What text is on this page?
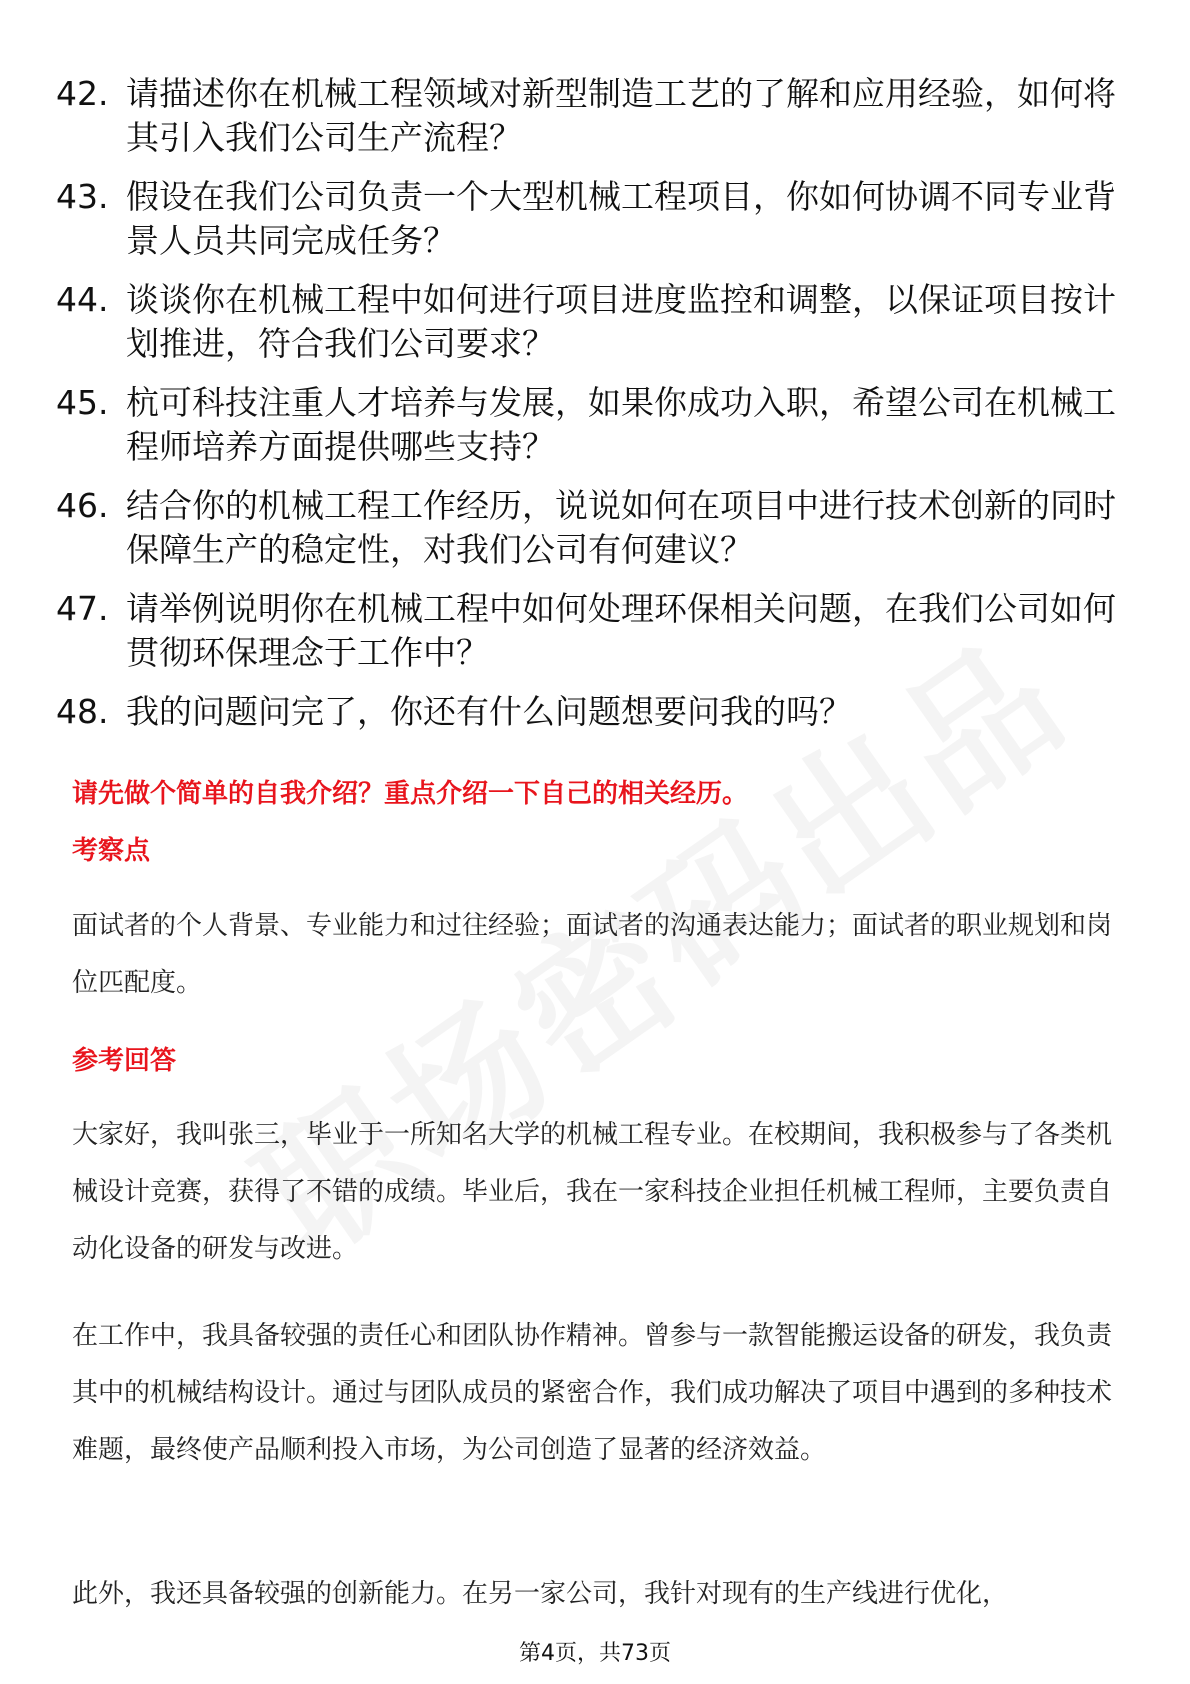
42. 请描述你在机械工程领域对新型制造工艺的了解和应用经验，如何将其引入我们公司生产流程？
43. 假设在我们公司负责一个大型机械工程项目，你如何协调不同专业背景人员共同完成任务？
44. 谈谈你在机械工程中如何进行项目进度监控和调整，以保证项目按计划推进，符合我们公司要求？
45. 杭可科技注重人才培养与发展，如果你成功入职，希望公司在机械工程师培养方面提供哪些支持？
46. 结合你的机械工程工作经历，说说如何在项目中进行技术创新的同时保障生产的稳定性，对我们公司有何建议？
47. 请举例说明你在机械工程中如何处理环保相关问题，在我们公司如何贯彻环保理念于工作中？
48. 我的问题问完了，你还有什么问题想要问我的吗？
请先做个简单的自我介绍？重点介绍一下自己的相关经历。
考察点

面试者的个人背景、专业能力和过往经验；面试者的沟通表达能力；面试者的职业规划和岗位匹配度。

参考回答

大家好，我叫张三，毕业于一所知名大学的机械工程专业。在校期间，我积极参与了各类机械设计竞赛，获得了不错的成绩。毕业后，我在一家科技企业担任机械工程师，主要负责自动化设备的研发与改进。

在工作中，我具备较强的责任心和团队协作精神。曾参与一款智能搬运设备的研发，我负责其中的机械结构设计。通过与团队成员的紧密合作，我们成功解决了项目中遇到的多种技术难题，最终使产品顺利投入市场，为公司创造了显著的经济效益。

此外，我还具备较强的创新能力。在另一家公司，我针对现有的生产线进行优化，

第4页，共73页
